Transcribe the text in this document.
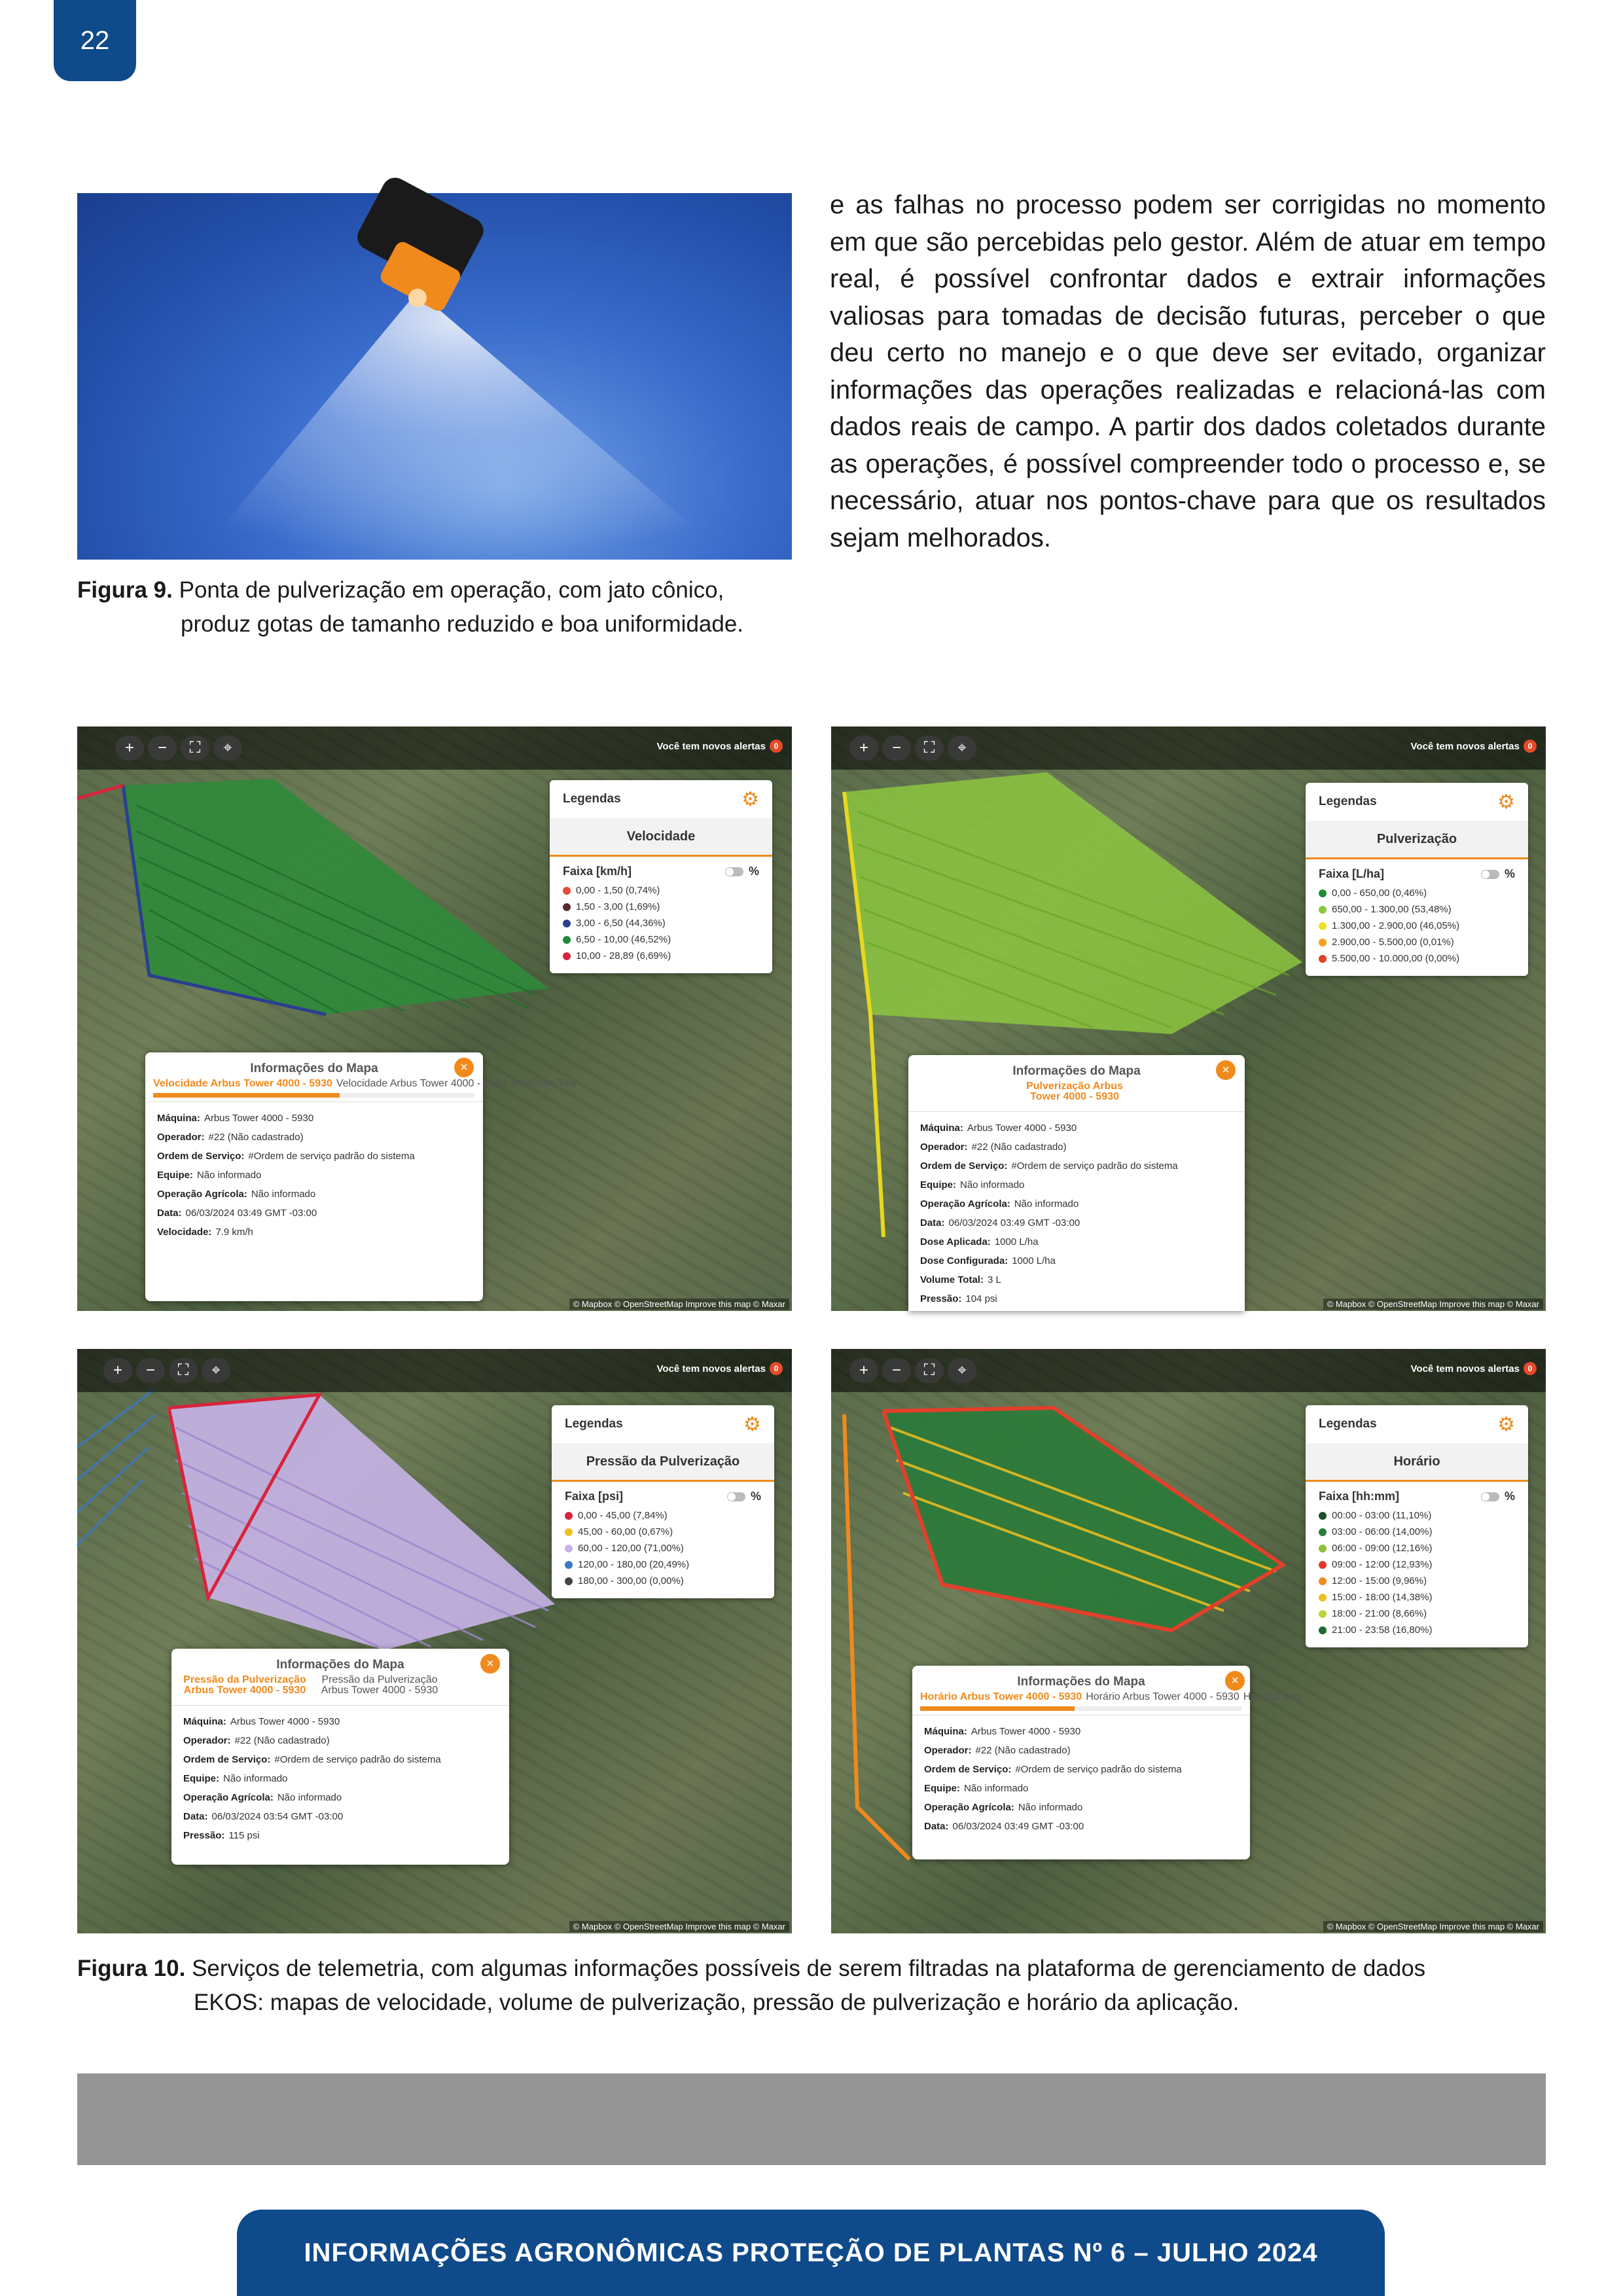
22
Figura 9. Ponta de pulverização em operação, com jato cônico,
produz gotas de tamanho reduzido e boa uniformidade.
e as falhas no processo podem ser corrigidas no momento em que são percebidas pelo gestor. Além de atuar em tempo real, é possível confrontar dados e extrair informações valiosas para tomadas de decisão futuras, perceber o que deu certo no manejo e o que deve ser evitado, organizar informações das operações realizadas e relacioná-las com dados reais de campo. A partir dos dados coletados durante as operações, é possível compreender todo o processo e, se necessário, atuar nos pontos-chave para que os resultados sejam melhorados.
+	−	⛶	⌖	Você tem novos alertas	0
Legendas	⚙
Velocidade
Faixa [km/h]	%
0,00 - 1,50 (0,74%)
1,50 - 3,00 (1,69%)
3,00 - 6,50 (44,36%)
6,50 - 10,00 (46,52%)
10,00 - 28,89 (6,69%)
Informações do Mapa	×
Velocidade Arbus Tower 4000 - 5930 Velocidade Arbus Tower 4000 - 5930 Vel Arbus Tow
Máquina: Arbus Tower 4000 - 5930
Operador: #22 (Não cadastrado)
Ordem de Serviço: #Ordem de serviço padrão do sistema
Equipe: Não informado
Operação Agrícola: Não informado
Data: 06/03/2024 03:49 GMT -03:00
Velocidade: 7.9 km/h
© Mapbox © OpenStreetMap Improve this map © Maxar
+	−	⛶	⌖	Você tem novos alertas	0
Legendas	⚙
Pulverização
Faixa [L/ha]	%
0,00 - 650,00 (0,46%)
650,00 - 1.300,00 (53,48%)
1.300,00 - 2.900,00 (46,05%)
2.900,00 - 5.500,00 (0,01%)
5.500,00 - 10.000,00 (0,00%)
Informações do Mapa	×
Pulverização Arbus Tower 4000 - 5930
Máquina: Arbus Tower 4000 - 5930
Operador: #22 (Não cadastrado)
Ordem de Serviço: #Ordem de serviço padrão do sistema
Equipe: Não informado
Operação Agrícola: Não informado
Data: 06/03/2024 03:49 GMT -03:00
Dose Aplicada: 1000 L/ha
Dose Configurada: 1000 L/ha
Volume Total: 3 L
Pressão: 104 psi	© Mapbox © OpenStreetMap Improve this map © Maxar
+	−	⛶	⌖	Você tem novos alertas	0
Legendas	⚙
Pressão da Pulverização
Faixa [psi]	%
0,00 - 45,00 (7,84%)
45,00 - 60,00 (0,67%)
60,00 - 120,00 (71,00%)
120,00 - 180,00 (20,49%)
180,00 - 300,00 (0,00%)
Informações do Mapa	×
Pressão da Pulverização Arbus Tower 4000 - 5930
Pressão da Pulverização Arbus Tower 4000 - 5930
Máquina: Arbus Tower 4000 - 5930
Operador: #22 (Não cadastrado)
Ordem de Serviço: #Ordem de serviço padrão do sistema
Equipe: Não informado
Operação Agrícola: Não informado
Data: 06/03/2024 03:54 GMT -03:00
Pressão: 115 psi
© Mapbox © OpenStreetMap Improve this map © Maxar
+	−	⛶	⌖	Você tem novos alertas	0
Legendas	⚙
Horário
Faixa [hh:mm]	%
00:00 - 03:00 (11,10%)
03:00 - 06:00 (14,00%)
06:00 - 09:00 (12,16%)
09:00 - 12:00 (12,93%)
12:00 - 15:00 (9,96%)
15:00 - 18:00 (14,38%)
18:00 - 21:00 (8,66%)
21:00 - 23:58 (16,80%)
Informações do Mapa	×
Horário Arbus Tower 4000 - 5930 Horário Arbus Tower 4000 - 5930 H Arbus Tow
Máquina: Arbus Tower 4000 - 5930
Operador: #22 (Não cadastrado)
Ordem de Serviço: #Ordem de serviço padrão do sistema
Equipe: Não informado
Operação Agrícola: Não informado
Data: 06/03/2024 03:49 GMT -03:00
© Mapbox © OpenStreetMap Improve this map © Maxar
Figura 10. Serviços de telemetria, com algumas informações possíveis de serem filtradas na plataforma de gerenciamento de dados
EKOS: mapas de velocidade, volume de pulverização, pressão de pulverização e horário da aplicação.
INFORMAÇÕES AGRONÔMICAS PROTEÇÃO DE PLANTAS Nº 6 – JULHO 2024
